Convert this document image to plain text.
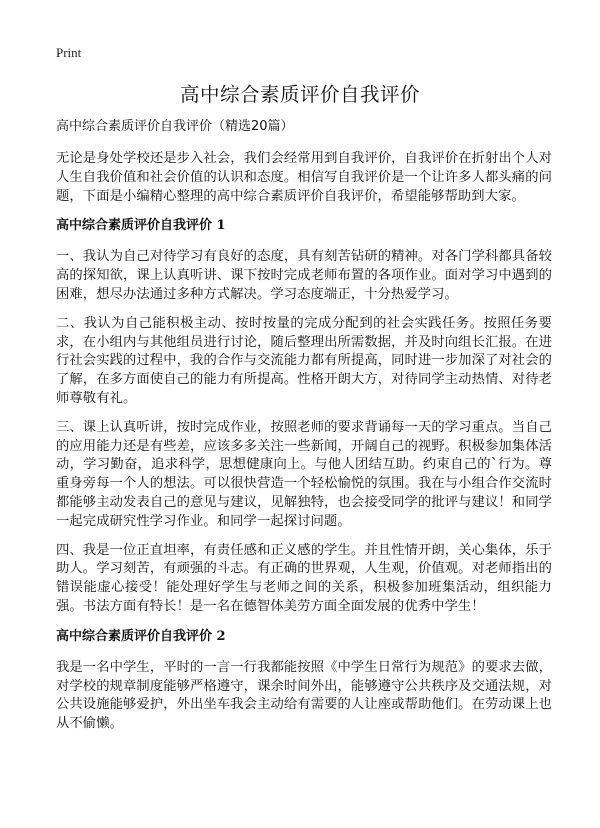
Print
高中综合素质评价自我评价
高中综合素质评价自我评价（精选20篇）

无论是身处学校还是步入社会，我们会经常用到自我评价，自我评价在折射出个人对人生自我价值和社会价值的认识和态度。相信写自我评价是一个让许多人都头痛的问题，下面是小编精心整理的高中综合素质评价自我评价，希望能够帮助到大家。

高中综合素质评价自我评价 1

一、我认为自己对待学习有良好的态度，具有刻苦钻研的精神。对各门学科都具备较高的探知欲，课上认真听讲、课下按时完成老师布置的各项作业。面对学习中遇到的困难，想尽办法通过多种方式解决。学习态度端正，十分热爱学习。

二、我认为自己能积极主动、按时按量的完成分配到的社会实践任务。按照任务要求，在小组内与其他组员进行讨论，随后整理出所需数据，并及时向组长汇报。在进行社会实践的过程中，我的合作与交流能力都有所提高，同时进一步加深了对社会的了解，在多方面使自己的能力有所提高。性格开朗大方，对待同学主动热情、对待老师尊敬有礼。

三、课上认真听讲，按时完成作业，按照老师的要求背诵每一天的学习重点。当自己的应用能力还是有些差，应该多多关注一些新闻，开阔自己的视野。积极参加集体活动，学习勤奋，追求科学，思想健康向上。与他人团结互助。约束自己的`行为。尊重身旁每一个人的想法。可以很快营造一个轻松愉悦的氛围。我在与小组合作交流时都能够主动发表自己的意见与建议，见解独特，也会接受同学的批评与建议！和同学一起完成研究性学习作业。和同学一起探讨问题。

四、我是一位正直坦率，有责任感和正义感的学生。并且性情开朗，关心集体，乐于助人。学习刻苦，有顽强的斗志。有正确的世界观，人生观，价值观。对老师指出的错误能虚心接受！能处理好学生与老师之间的关系，积极参加班集活动，组织能力强。书法方面有特长！是一名在德智体美劳方面全面发展的优秀中学生！

高中综合素质评价自我评价 2

我是一名中学生，平时的一言一行我都能按照《中学生日常行为规范》的要求去做，对学校的规章制度能够严格遵守，课余时间外出，能够遵守公共秩序及交通法规，对公共设施能够爱护，外出坐车我会主动给有需要的人让座或帮助他们。在劳动课上也从不偷懒。
